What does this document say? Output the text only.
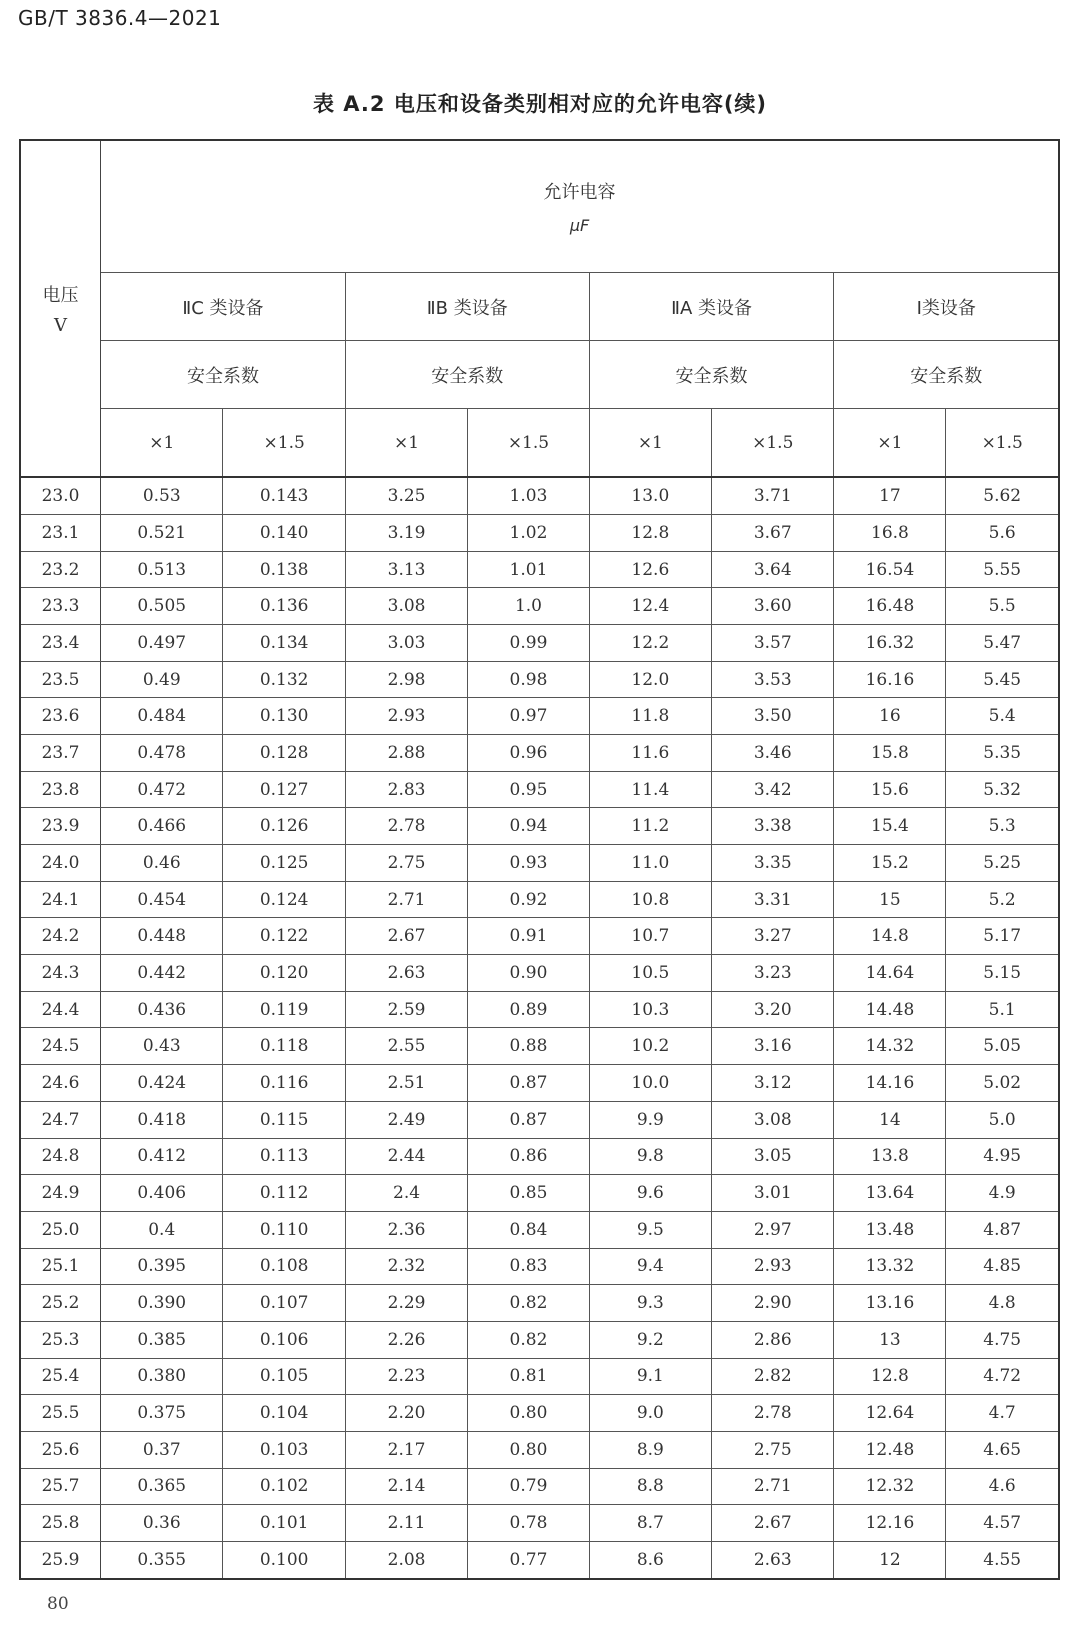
GB/T 3836.4—2021
表 A.2 电压和设备类别相对应的允许电容(续)
电压
V	允许电容
μF							

	ⅡC 类设备		ⅡB 类设备		ⅡA 类设备		Ⅰ类设备	
	安全系数		安全系数		安全系数		安全系数	
	×1	×1.5	×1	×1.5	×1	×1.5	×1	×1.5
23.0	0.53	0.143	3.25	1.03	13.0	3.71	17	5.62
23.1	0.521	0.140	3.19	1.02	12.8	3.67	16.8	5.6
23.2	0.513	0.138	3.13	1.01	12.6	3.64	16.54	5.55
23.3	0.505	0.136	3.08	1.0	12.4	3.60	16.48	5.5
23.4	0.497	0.134	3.03	0.99	12.2	3.57	16.32	5.47
23.5	0.49	0.132	2.98	0.98	12.0	3.53	16.16	5.45
23.6	0.484	0.130	2.93	0.97	11.8	3.50	16	5.4
23.7	0.478	0.128	2.88	0.96	11.6	3.46	15.8	5.35
23.8	0.472	0.127	2.83	0.95	11.4	3.42	15.6	5.32
23.9	0.466	0.126	2.78	0.94	11.2	3.38	15.4	5.3
24.0	0.46	0.125	2.75	0.93	11.0	3.35	15.2	5.25
24.1	0.454	0.124	2.71	0.92	10.8	3.31	15	5.2
24.2	0.448	0.122	2.67	0.91	10.7	3.27	14.8	5.17
24.3	0.442	0.120	2.63	0.90	10.5	3.23	14.64	5.15
24.4	0.436	0.119	2.59	0.89	10.3	3.20	14.48	5.1
24.5	0.43	0.118	2.55	0.88	10.2	3.16	14.32	5.05
24.6	0.424	0.116	2.51	0.87	10.0	3.12	14.16	5.02
24.7	0.418	0.115	2.49	0.87	9.9	3.08	14	5.0
24.8	0.412	0.113	2.44	0.86	9.8	3.05	13.8	4.95
24.9	0.406	0.112	2.4	0.85	9.6	3.01	13.64	4.9
25.0	0.4	0.110	2.36	0.84	9.5	2.97	13.48	4.87
25.1	0.395	0.108	2.32	0.83	9.4	2.93	13.32	4.85
25.2	0.390	0.107	2.29	0.82	9.3	2.90	13.16	4.8
25.3	0.385	0.106	2.26	0.82	9.2	2.86	13	4.75
25.4	0.380	0.105	2.23	0.81	9.1	2.82	12.8	4.72
25.5	0.375	0.104	2.20	0.80	9.0	2.78	12.64	4.7
25.6	0.37	0.103	2.17	0.80	8.9	2.75	12.48	4.65
25.7	0.365	0.102	2.14	0.79	8.8	2.71	12.32	4.6
25.8	0.36	0.101	2.11	0.78	8.7	2.67	12.16	4.57
25.9	0.355	0.100	2.08	0.77	8.6	2.63	12	4.55
80
